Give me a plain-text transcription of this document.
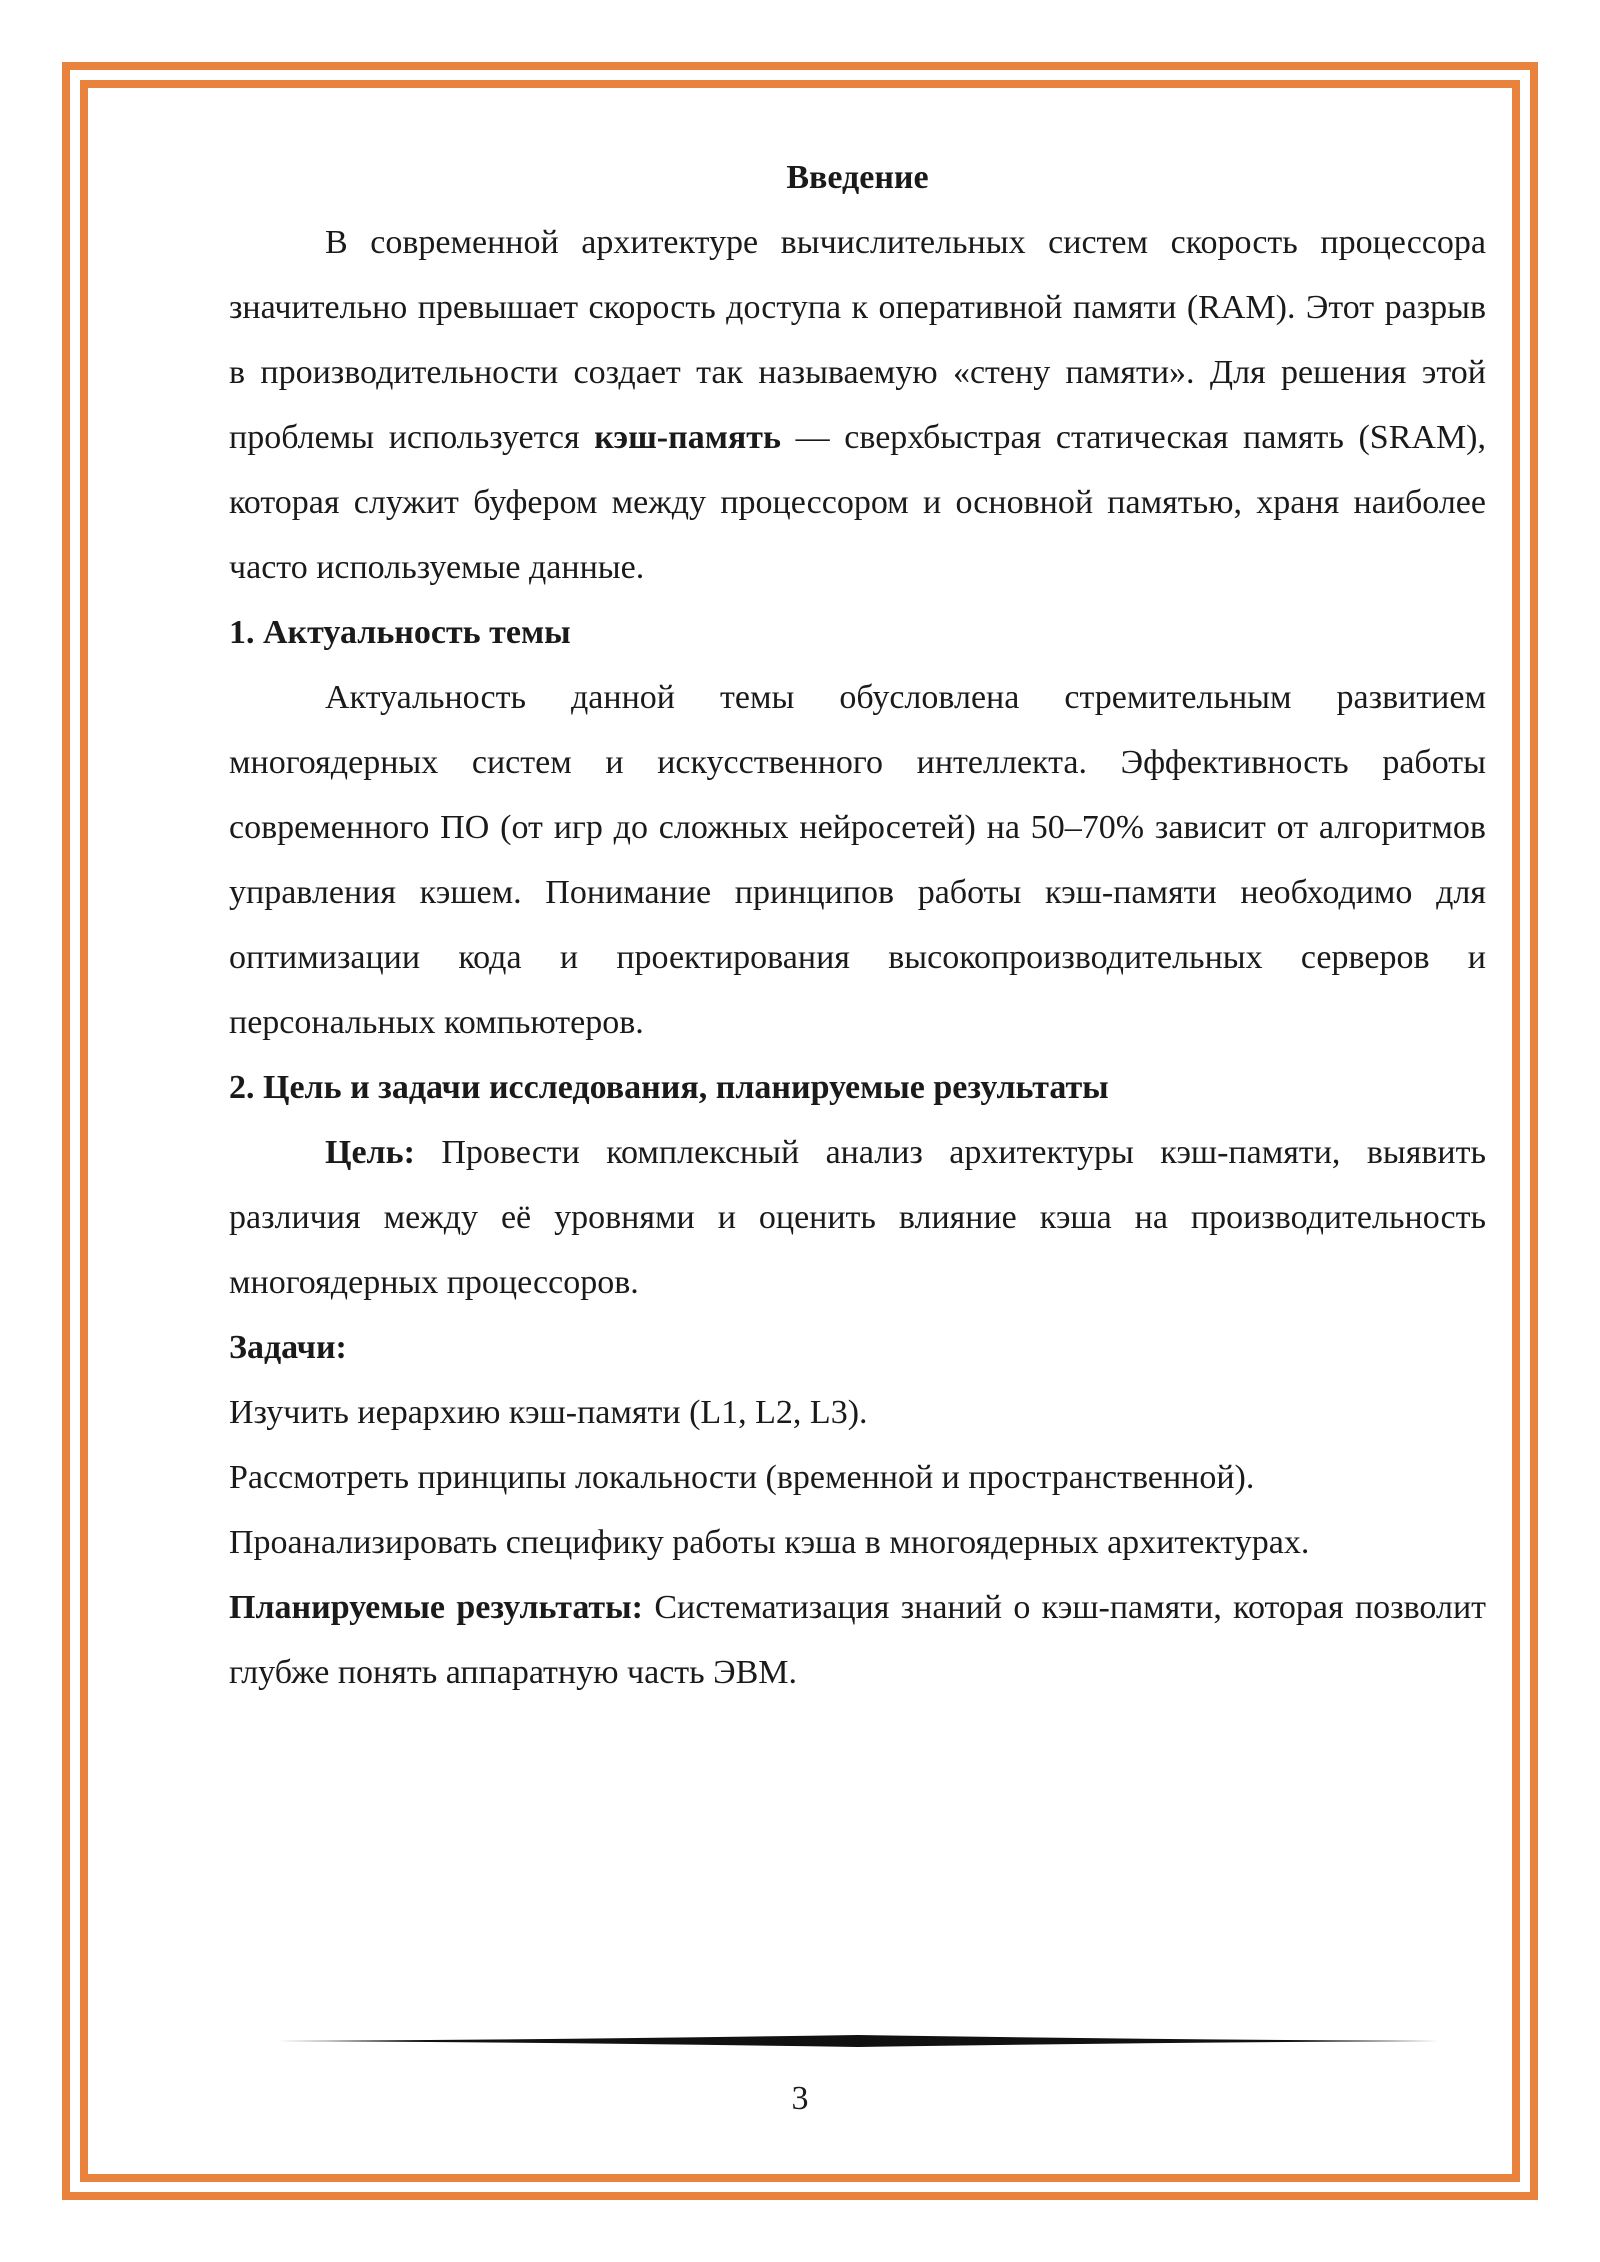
Введение

В современной архитектуре вычислительных систем скорость процессора значительно превышает скорость доступа к оперативной памяти (RAM). Этот разрыв в производительности создает так называемую «стену памяти». Для решения этой проблемы используется кэш-память — сверхбыстрая статическая память (SRAM), которая служит буфером между процессором и основной памятью, храня наиболее часто используемые данные.

1. Актуальность темы

Актуальность данной темы обусловлена стремительным развитием многоядерных систем и искусственного интеллекта. Эффективность работы современного ПО (от игр до сложных нейросетей) на 50–70% зависит от алгоритмов управления кэшем. Понимание принципов работы кэш-памяти необходимо для оптимизации кода и проектирования высокопроизводительных серверов и персональных компьютеров.

2. Цель и задачи исследования, планируемые результаты

Цель: Провести комплексный анализ архитектуры кэш-памяти, выявить различия между её уровнями и оценить влияние кэша на производительность многоядерных процессоров.

Задачи:

Изучить иерархию кэш-памяти (L1, L2, L3).

Рассмотреть принципы локальности (временной и пространственной).

Проанализировать специфику работы кэша в многоядерных архитектурах.

Планируемые результаты: Систематизация знаний о кэш-памяти, которая позволит глубже понять аппаратную часть ЭВМ.

3
